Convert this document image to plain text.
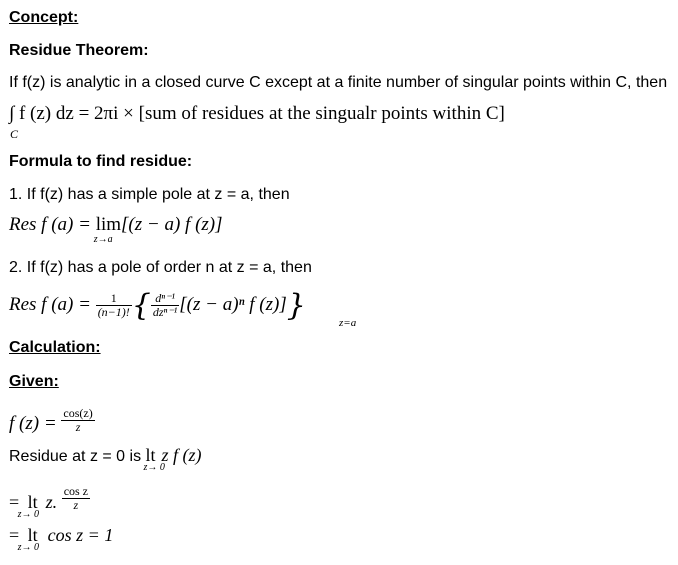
Concept:
Residue Theorem:
If f(z) is analytic in a closed curve C except at a finite number of singular points within C, then
∫ f (z) dz = 2πi × [sum of residues at the singualr points within C]
C
Formula to find residue:
1. If f(z) has a simple pole at z = a, then
Res f (a) = lim
z→a
[(z − a) f (z)]
2. If f(z) has a pole of order n at z = a, then
Res f $(a) = \frac{1}{(n-1)!}$ { $\frac{\text{dⁿ⁻¹}}{\text{dzⁿ⁻¹}} [(z - a)^n$ f (z)]}	z=a
Calculation:
Given:
f $(z) = \frac{\cos(z)}{z}$
Residue at z = 0 is lt
z→ 0
z f (z)
= lt
z→ 0
z. $\frac{\text{cos z}}{z}$
= lt
z→ 0
cos z = 1
